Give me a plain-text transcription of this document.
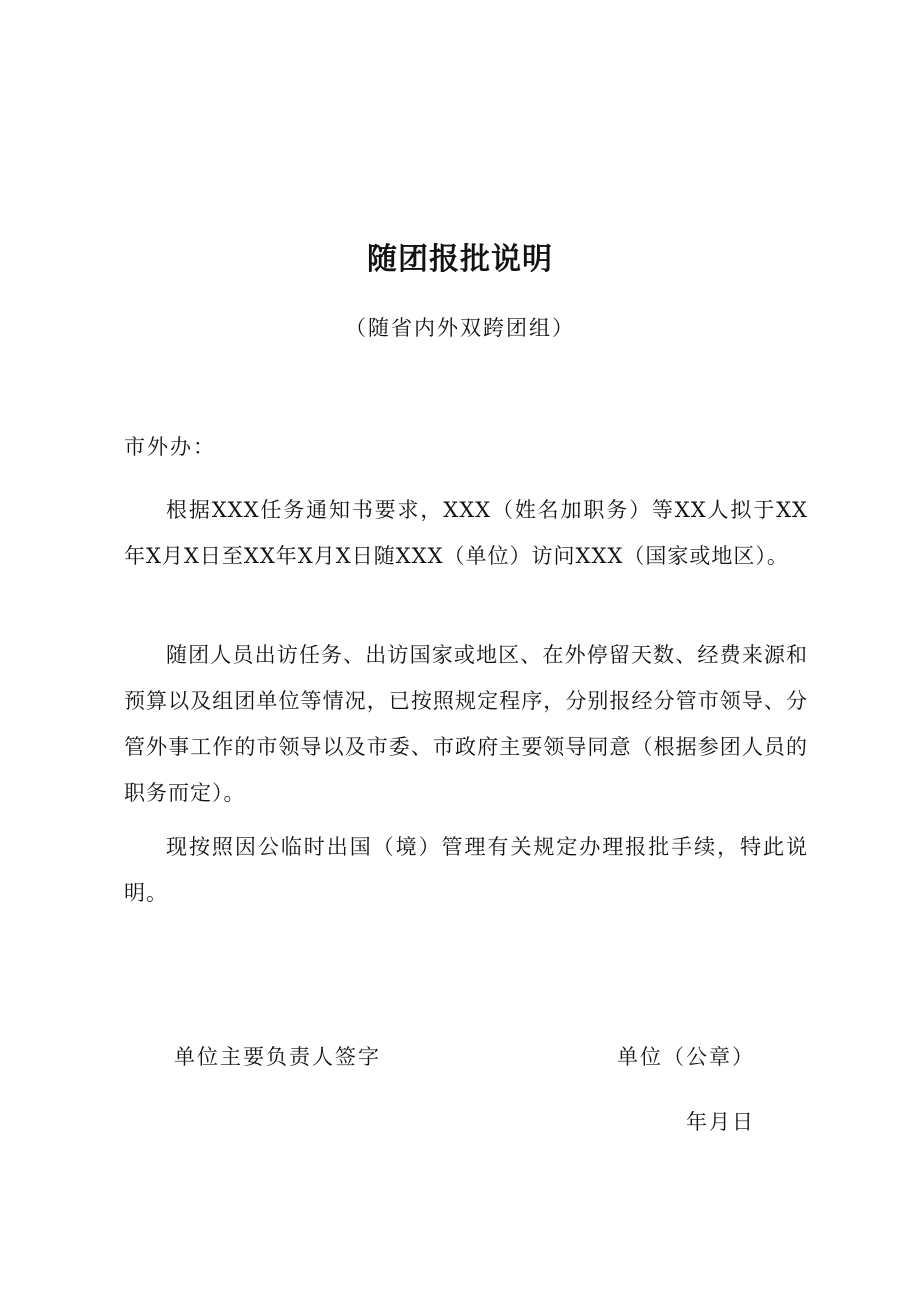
随团报批说明
（随省内外双跨团组）
市外办：

根据XXX任务通知书要求，XXX（姓名加职务）等XX人拟于XX年X月X日至XX年X月X日随XXX（单位）访问XXX（国家或地区）。

随团人员出访任务、出访国家或地区、在外停留天数、经费来源和预算以及组团单位等情况，已按照规定程序，分别报经分管市领导、分管外事工作的市领导以及市委、市政府主要领导同意（根据参团人员的职务而定）。

现按照因公临时出国（境）管理有关规定办理报批手续，特此说明。

单位主要负责人签字	单位（公章）
年月日
